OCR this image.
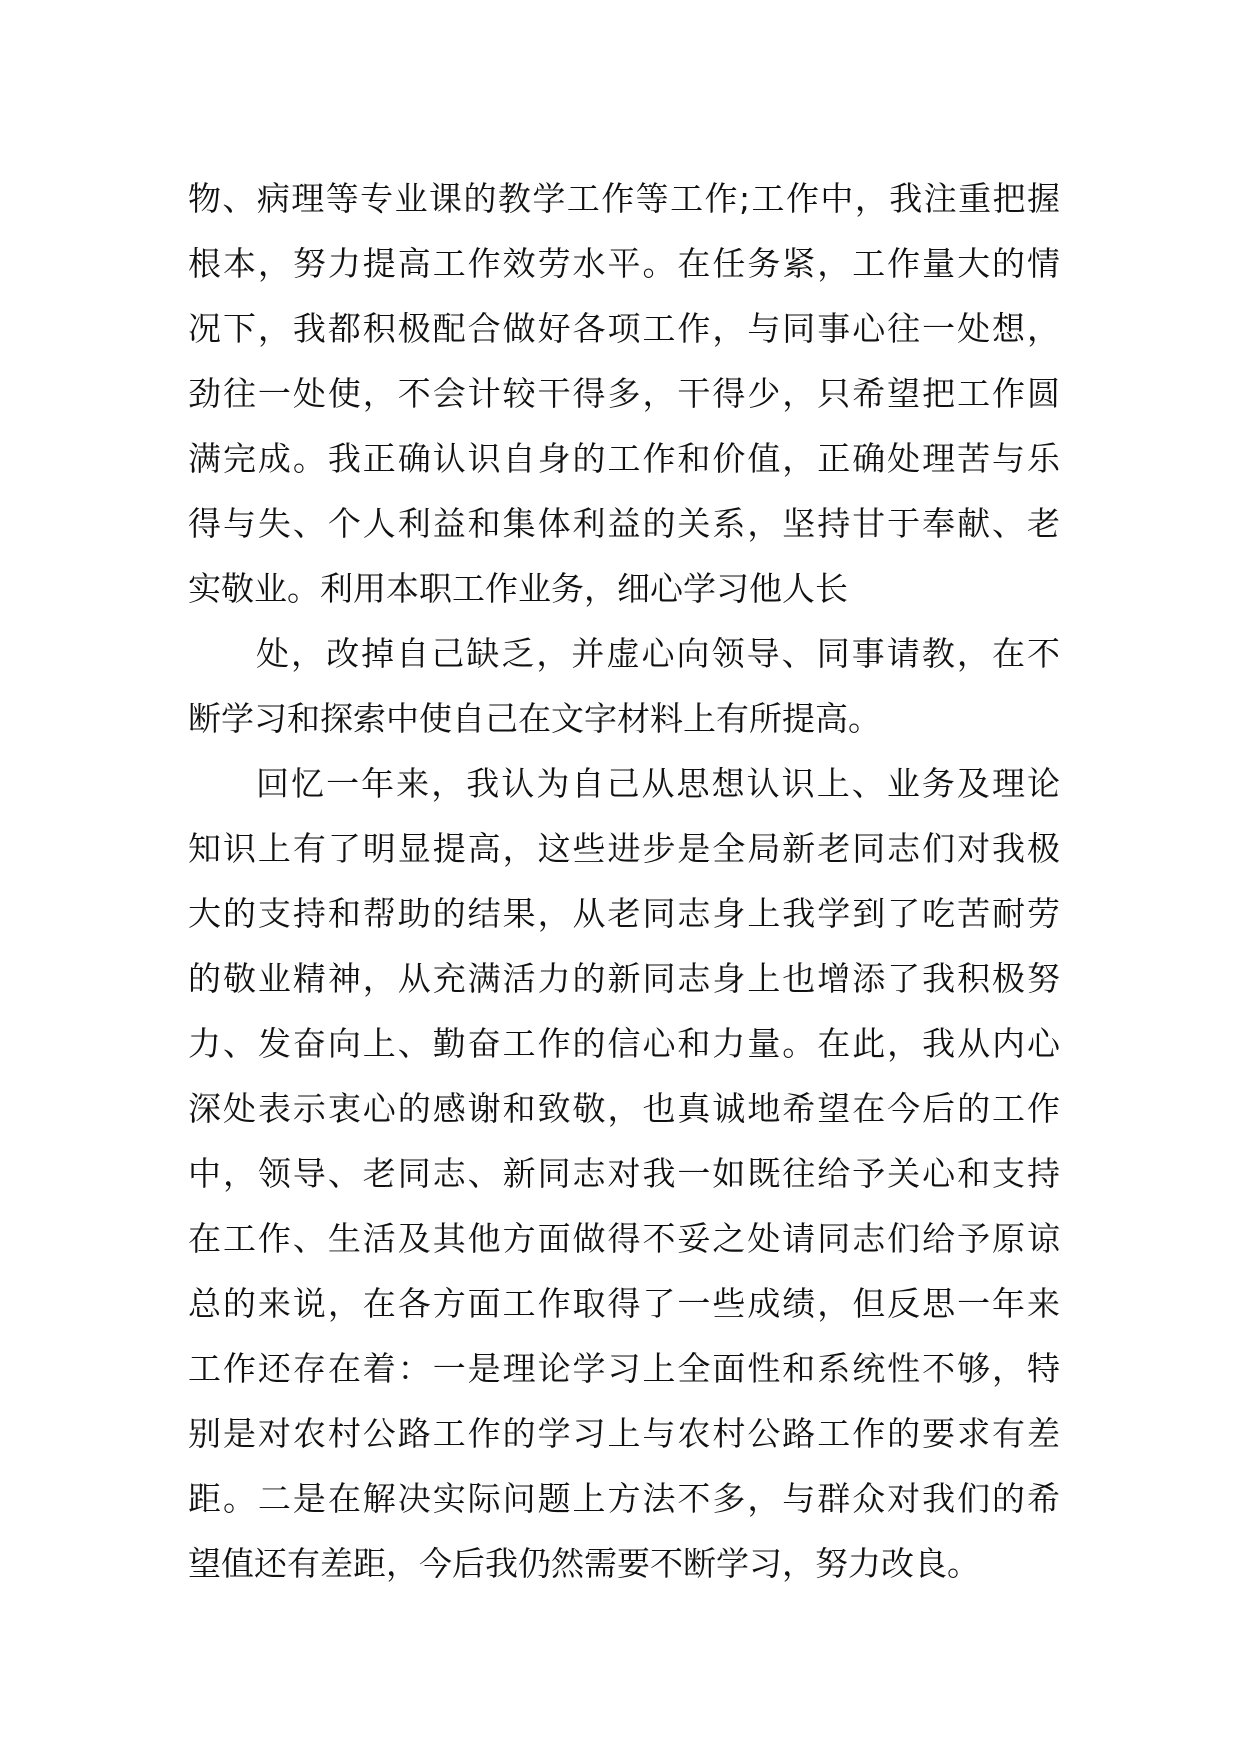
物、病理等专业课的教学工作等工作;工作中，我注重把握
根本，努力提高工作效劳水平。在任务紧，工作量大的情
况下，我都积极配合做好各项工作，与同事心往一处想，
劲往一处使，不会计较干得多，干得少，只希望把工作圆
满完成。我正确认识自身的工作和价值，正确处理苦与乐
得与失、个人利益和集体利益的关系，坚持甘于奉献、老
实敬业。利用本职工作业务，细心学习他人长
处，改掉自己缺乏，并虚心向领导、同事请教，在不
断学习和探索中使自己在文字材料上有所提高。
回忆一年来，我认为自己从思想认识上、业务及理论
知识上有了明显提高，这些进步是全局新老同志们对我极
大的支持和帮助的结果，从老同志身上我学到了吃苦耐劳
的敬业精神，从充满活力的新同志身上也增添了我积极努
力、发奋向上、勤奋工作的信心和力量。在此，我从内心
深处表示衷心的感谢和致敬，也真诚地希望在今后的工作
中，领导、老同志、新同志对我一如既往给予关心和支持
在工作、生活及其他方面做得不妥之处请同志们给予原谅
总的来说，在各方面工作取得了一些成绩，但反思一年来
工作还存在着：一是理论学习上全面性和系统性不够，特
别是对农村公路工作的学习上与农村公路工作的要求有差
距。二是在解决实际问题上方法不多，与群众对我们的希
望值还有差距，今后我仍然需要不断学习，努力改良。
